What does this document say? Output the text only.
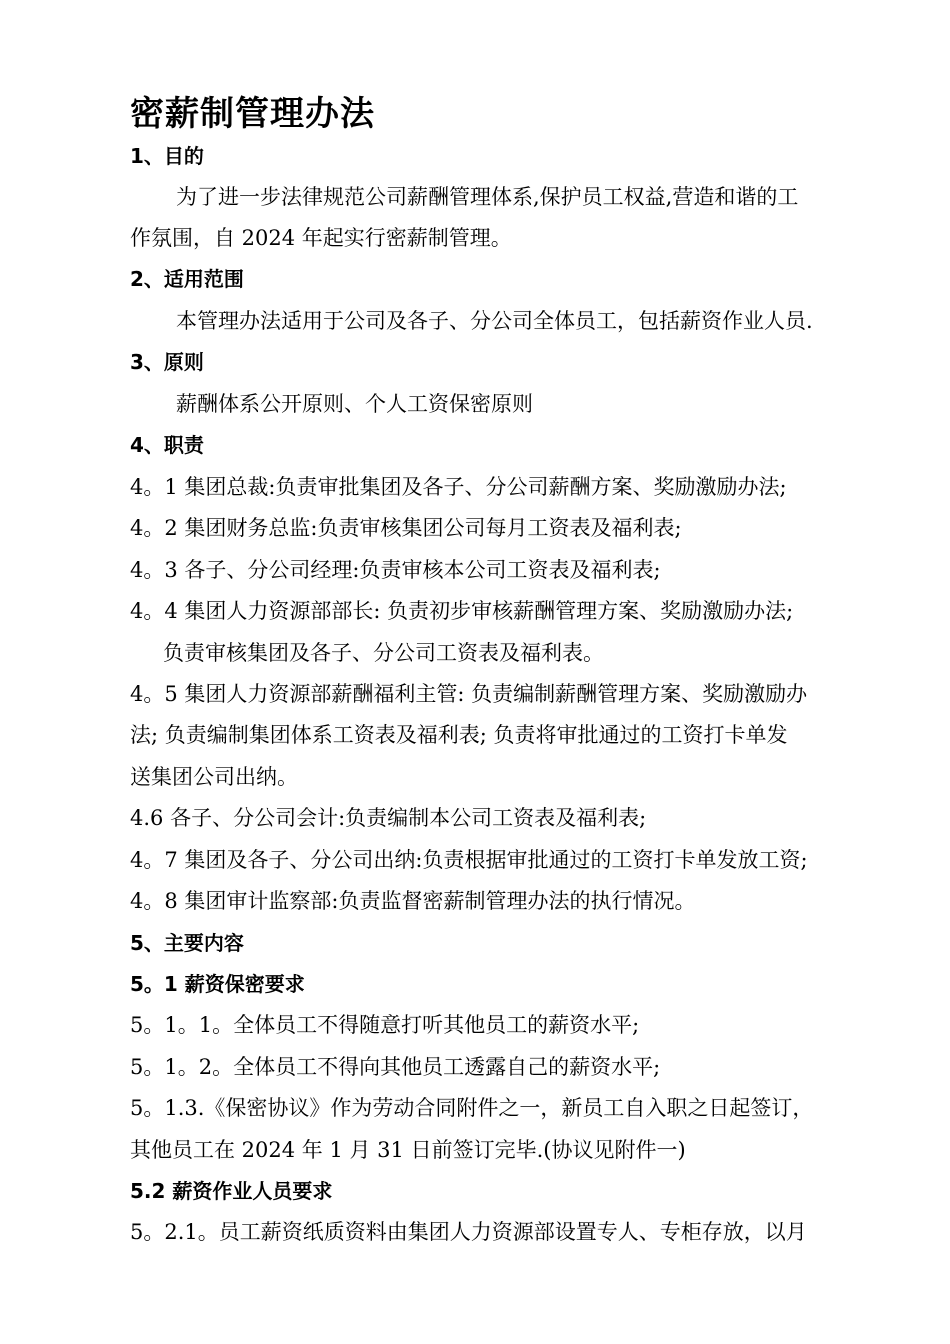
密薪制管理办法
1、目的
为了进一步法律规范公司薪酬管理体系,保护员工权益,营造和谐的工
作氛围，自 2024 年起实行密薪制管理。
2、适用范围
本管理办法适用于公司及各子、分公司全体员工，包括薪资作业人员.
3、原则
薪酬体系公开原则、个人工资保密原则
4、职责
4。1 集团总裁:负责审批集团及各子、分公司薪酬方案、奖励激励办法;
4。2 集团财务总监:负责审核集团公司每月工资表及福利表;
4。3 各子、分公司经理:负责审核本公司工资表及福利表;
4。4 集团人力资源部部长: 负责初步审核薪酬管理方案、奖励激励办法;
负责审核集团及各子、分公司工资表及福利表。
4。5 集团人力资源部薪酬福利主管: 负责编制薪酬管理方案、奖励激励办
法; 负责编制集团体系工资表及福利表; 负责将审批通过的工资打卡单发
送集团公司出纳。
4.6 各子、分公司会计:负责编制本公司工资表及福利表;
4。7 集团及各子、分公司出纳:负责根据审批通过的工资打卡单发放工资;
4。8 集团审计监察部:负责监督密薪制管理办法的执行情况。
5、主要内容
5。1 薪资保密要求
5。1。1。全体员工不得随意打听其他员工的薪资水平;
5。1。2。全体员工不得向其他员工透露自己的薪资水平;
5。1.3.《保密协议》作为劳动合同附件之一，新员工自入职之日起签订，
其他员工在 2024 年 1 月 31 日前签订完毕.(协议见附件一)
5.2 薪资作业人员要求
5。2.1。员工薪资纸质资料由集团人力资源部设置专人、专柜存放，以月
